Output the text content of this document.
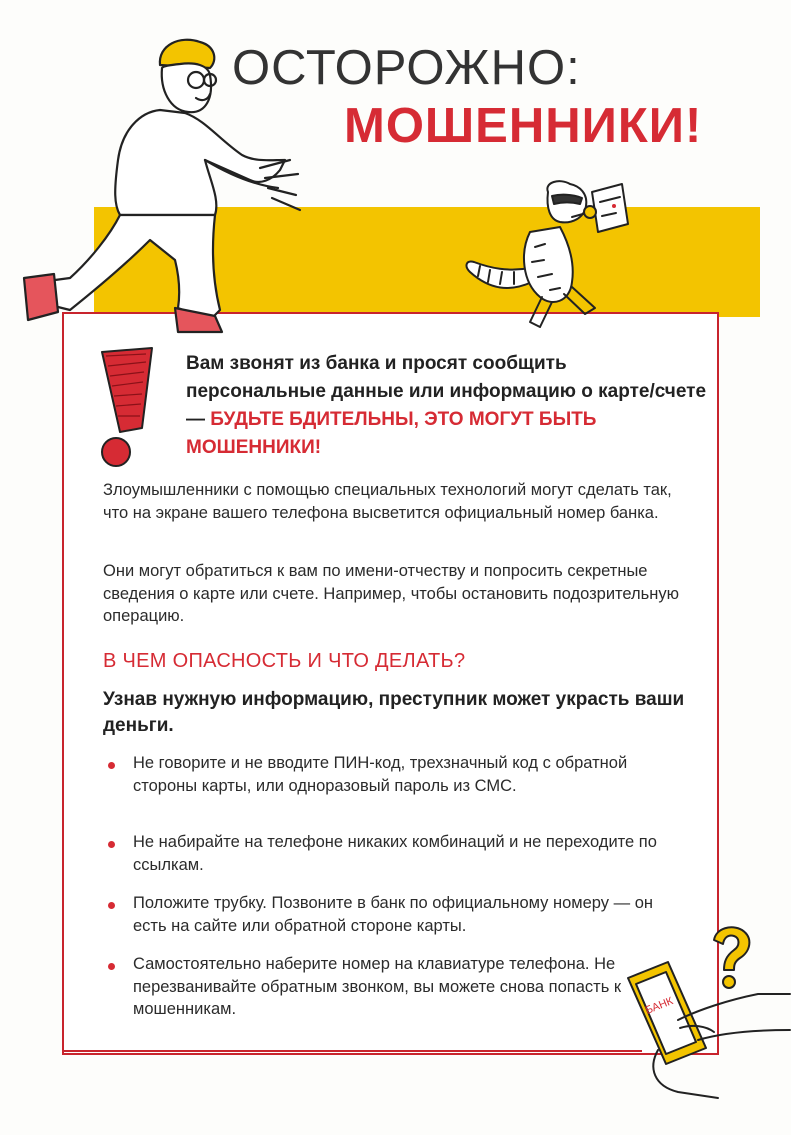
ОСТОРОЖНО:
МОШЕННИКИ!
Вам звонят из банка и просят сообщить персональные данные или информацию о карте/счете — БУДЬТЕ БДИТЕЛЬНЫ, ЭТО МОГУТ БЫТЬ МОШЕННИКИ!
Злоумышленники с помощью специальных технологий могут сделать так, что на экране вашего телефона высветится официальный номер банка.
Они могут обратиться к вам по имени-отчеству и попросить секретные сведения о карте или счете. Например, чтобы остановить подозрительную операцию.
В ЧЕМ ОПАСНОСТЬ И ЧТО ДЕЛАТЬ?
Узнав нужную информацию, преступник может украсть ваши деньги.
Не говорите и не вводите ПИН-код, трехзначный код с обратной стороны карты, или одноразовый пароль из СМС.
Не набирайте на телефоне никаких комбинаций и не переходите по ссылкам.
Положите трубку. Позвоните в банк по официальному номеру — он есть на сайте или обратной стороне карты.
Самостоятельно наберите номер на клавиатуре телефона. Не перезванивайте обратным звонком, вы можете снова попасть к мошенникам.	БАНК
